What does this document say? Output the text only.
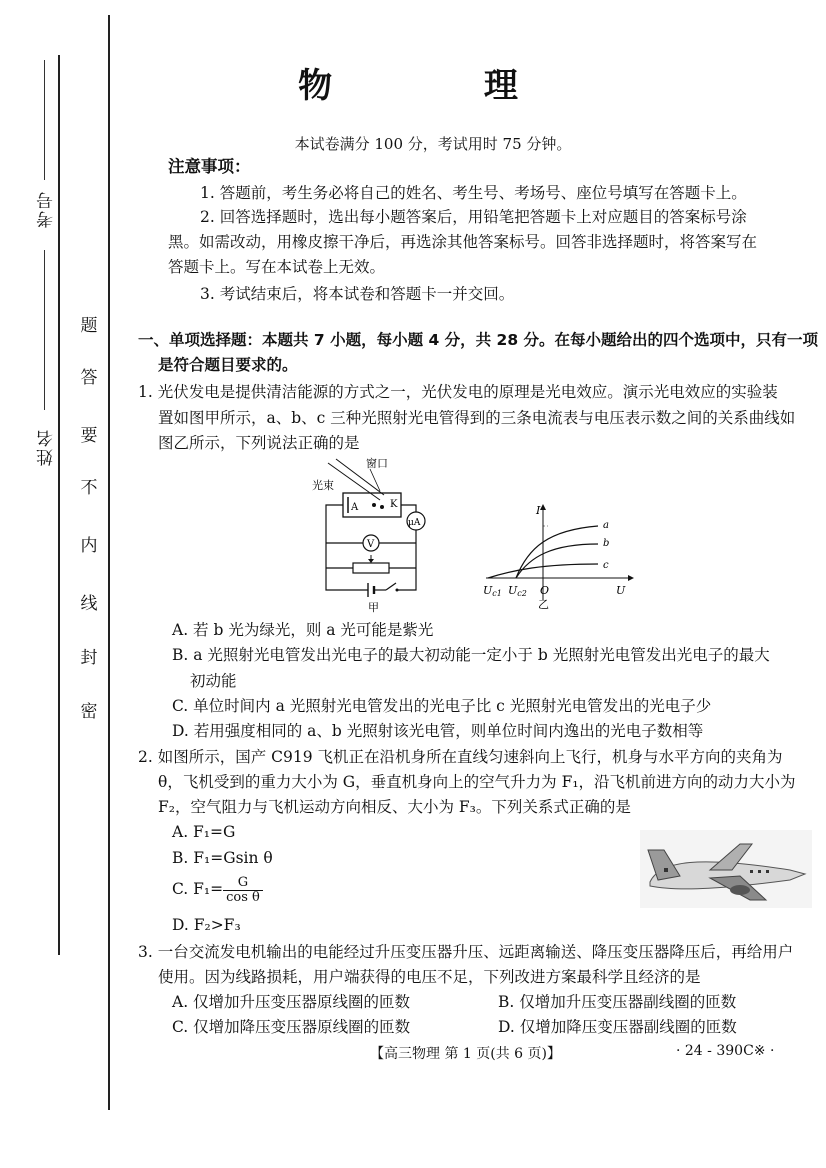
考号
姓名
题
答
要
不
内
线
封
密
物 理
本试卷满分 100 分，考试用时 75 分钟。
注意事项：
1. 答题前，考生务必将自己的姓名、考生号、考场号、座位号填写在答题卡上。
2. 回答选择题时，选出每小题答案后，用铅笔把答题卡上对应题目的答案标号涂
黑。如需改动，用橡皮擦干净后，再选涂其他答案标号。回答非选择题时，将答案写在
答题卡上。写在本试卷上无效。
3. 考试结束后，将本试卷和答题卡一并交回。
一、单项选择题：本题共 7 小题，每小题 4 分，共 28 分。在每小题给出的四个选项中，只有一项
是符合题目要求的。
1. 光伏发电是提供清洁能源的方式之一，光伏发电的原理是光电效应。演示光电效应的实验装
置如图甲所示，a、b、c 三种光照射光电管得到的三条电流表与电压表示数之间的关系曲线如
图乙所示，下列说法正确的是
窗口
光束
A	K
μA
V
甲
I
U
O
Uc1 Uc2
a
b
c
乙
A. 若 b 光为绿光，则 a 光可能是紫光
B. a 光照射光电管发出光电子的最大初动能一定小于 b 光照射光电管发出光电子的最大
初动能
C. 单位时间内 a 光照射光电管发出的光电子比 c 光照射光电管发出的光电子少
D. 若用强度相同的 a、b 光照射该光电管，则单位时间内逸出的光电子数相等
2. 如图所示，国产 C919 飞机正在沿机身所在直线匀速斜向上飞行，机身与水平方向的夹角为
θ，飞机受到的重力大小为 G，垂直机身向上的空气升力为 F₁，沿飞机前进方向的动力大小为
F₂，空气阻力与飞机运动方向相反、大小为 F₃。下列关系式正确的是
A. F₁=G
B. F₁=Gsin θ
C. $F_1= \frac{G}{\text{cos θ}}$
D. F₂>F₃
3. 一台交流发电机输出的电能经过升压变压器升压、远距离输送、降压变压器降压后，再给用户
使用。因为线路损耗，用户端获得的电压不足，下列改进方案最科学且经济的是
A. 仅增加升压变压器原线圈的匝数	B. 仅增加升压变压器副线圈的匝数
C. 仅增加降压变压器原线圈的匝数	D. 仅增加降压变压器副线圈的匝数
【高三物理 第 1 页(共 6 页)】	· 24 - 390C※ ·
